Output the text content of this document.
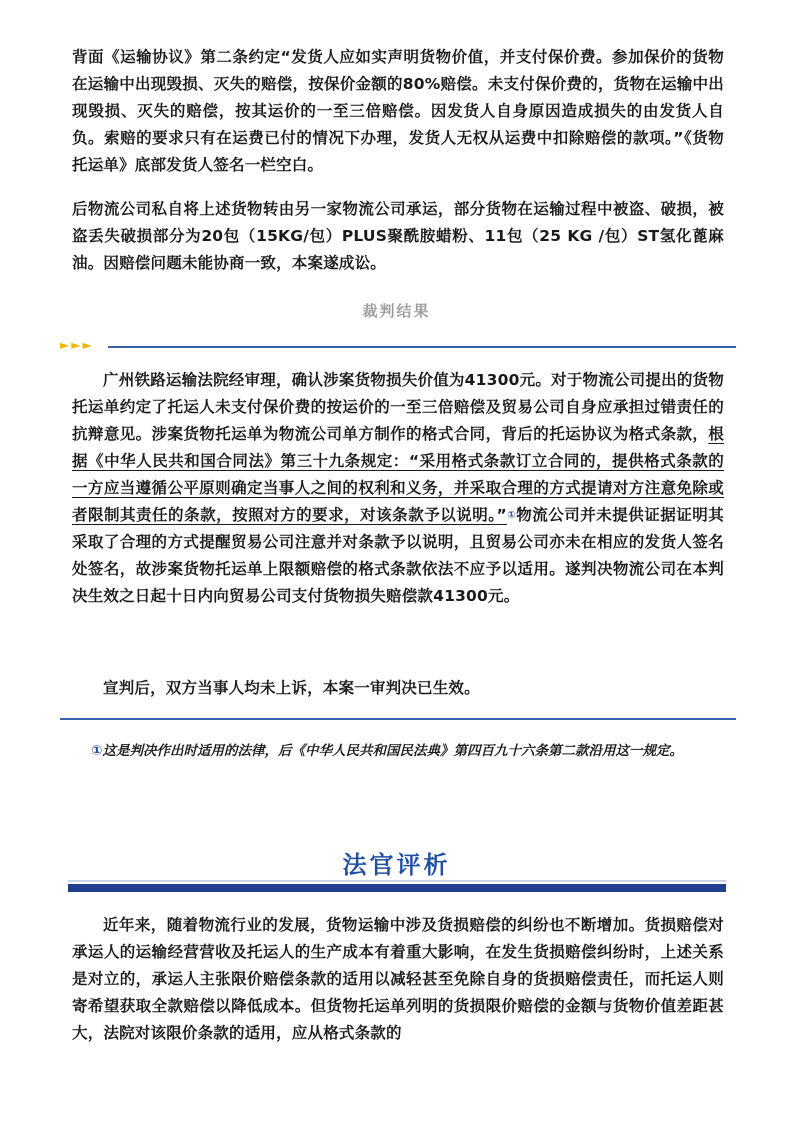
背面《运输协议》第二条约定“发货人应如实声明货物价值，并支付保价费。参加保价的货物在运输中出现毁损、灭失的赔偿，按保价金额的80%赔偿。未支付保价费的，货物在运输中出现毁损、灭失的赔偿，按其运价的一至三倍赔偿。因发货人自身原因造成损失的由发货人自负。索赔的要求只有在运费已付的情况下办理，发货人无权从运费中扣除赔偿的款项。”《货物托运单》底部发货人签名一栏空白。

后物流公司私自将上述货物转由另一家物流公司承运，部分货物在运输过程中被盗、破损，被盗丢失破损部分为20包（15KG/包）PLUS聚酰胺蜡粉、11包（25 KG /包）ST氢化蓖麻油。因赔偿问题未能协商一致，本案遂成讼。

裁判结果
►►►

广州铁路运输法院经审理，确认涉案货物损失价值为41300元。对于物流公司提出的货物托运单约定了托运人未支付保价费的按运价的一至三倍赔偿及贸易公司自身应承担过错责任的抗辩意见。涉案货物托运单为物流公司单方制作的格式合同，背后的托运协议为格式条款，根据《中华人民共和国合同法》第三十九条规定：“采用格式条款订立合同的，提供格式条款的一方应当遵循公平原则确定当事人之间的权利和义务，并采取合理的方式提请对方注意免除或者限制其责任的条款，按照对方的要求，对该条款予以说明。”①物流公司并未提供证据证明其采取了合理的方式提醒贸易公司注意并对条款予以说明，且贸易公司亦未在相应的发货人签名处签名，故涉案货物托运单上限额赔偿的格式条款依法不应予以适用。遂判决物流公司在本判决生效之日起十日内向贸易公司支付货物损失赔偿款41300元。

宣判后，双方当事人均未上诉，本案一审判决已生效。

①这是判决作出时适用的法律，后《中华人民共和国民法典》第四百九十六条第二款沿用这一规定。

法官评析

近年来，随着物流行业的发展，货物运输中涉及货损赔偿的纠纷也不断增加。货损赔偿对承运人的运输经营营收及托运人的生产成本有着重大影响，在发生货损赔偿纠纷时，上述关系是对立的，承运人主张限价赔偿条款的适用以减轻甚至免除自身的货损赔偿责任，而托运人则寄希望获取全款赔偿以降低成本。但货物托运单列明的货损限价赔偿的金额与货物价值差距甚大，法院对该限价条款的适用，应从格式条款的
